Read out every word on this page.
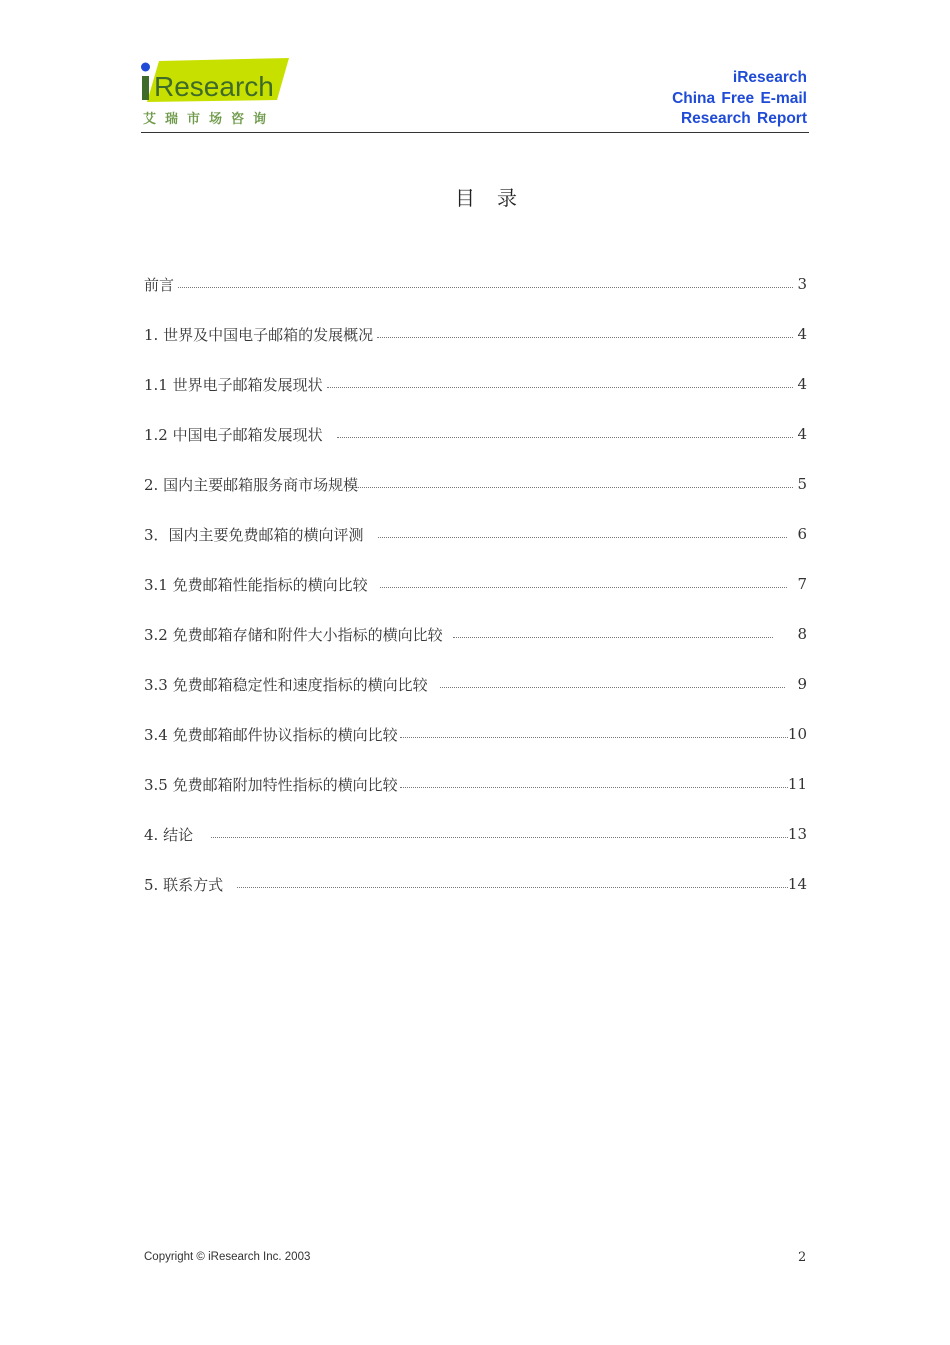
Research
艾瑞市场咨询
iResearch
China Free E-mail
Research Report
目录
前言	3
1. 世界及中国电子邮箱的发展概况	4
1.1 世界电子邮箱发展现状	4
1.2 中国电子邮箱发展现状	4
2. 国内主要邮箱服务商市场规模	5
3．国内主要免费邮箱的横向评测	6
3.1 免费邮箱性能指标的横向比较	7
3.2 免费邮箱存储和附件大小指标的横向比较	8
3.3 免费邮箱稳定性和速度指标的横向比较	9
3.4 免费邮箱邮件协议指标的横向比较	10
3.5 免费邮箱附加特性指标的横向比较	11
4. 结论	13
5. 联系方式	14
Copyright © iResearch Inc. 2003	2
